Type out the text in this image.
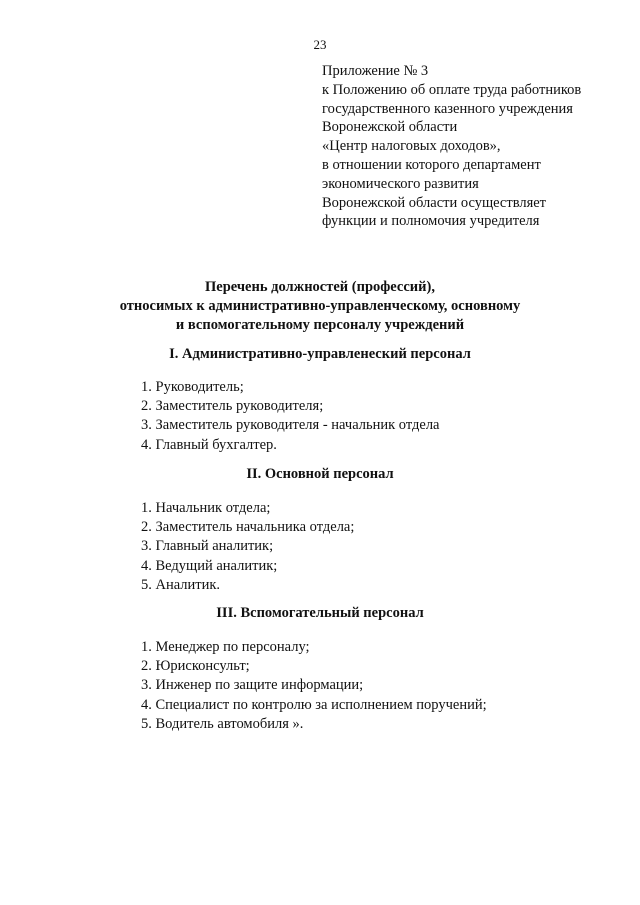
23
Приложение № 3
к Положению об оплате труда работников
государственного казенного учреждения
Воронежской области
«Центр налоговых доходов»,
в отношении которого департамент
экономического развития
Воронежской области осуществляет
функции и полномочия учредителя
Перечень должностей (профессий),
относимых к административно-управленческому, основному
и вспомогательному персоналу учреждений
I. Административно-управленеский персонал
1. Руководитель;
2. Заместитель руководителя;
3. Заместитель руководителя - начальник отдела
4. Главный бухгалтер.
II. Основной персонал
1. Начальник отдела;
2. Заместитель начальника отдела;
3. Главный аналитик;
4. Ведущий аналитик;
5. Аналитик.
III. Вспомогательный персонал
1. Менеджер по персоналу;
2. Юрисконсульт;
3. Инженер по защите информации;
4. Специалист по контролю за исполнением поручений;
5. Водитель автомобиля ».
